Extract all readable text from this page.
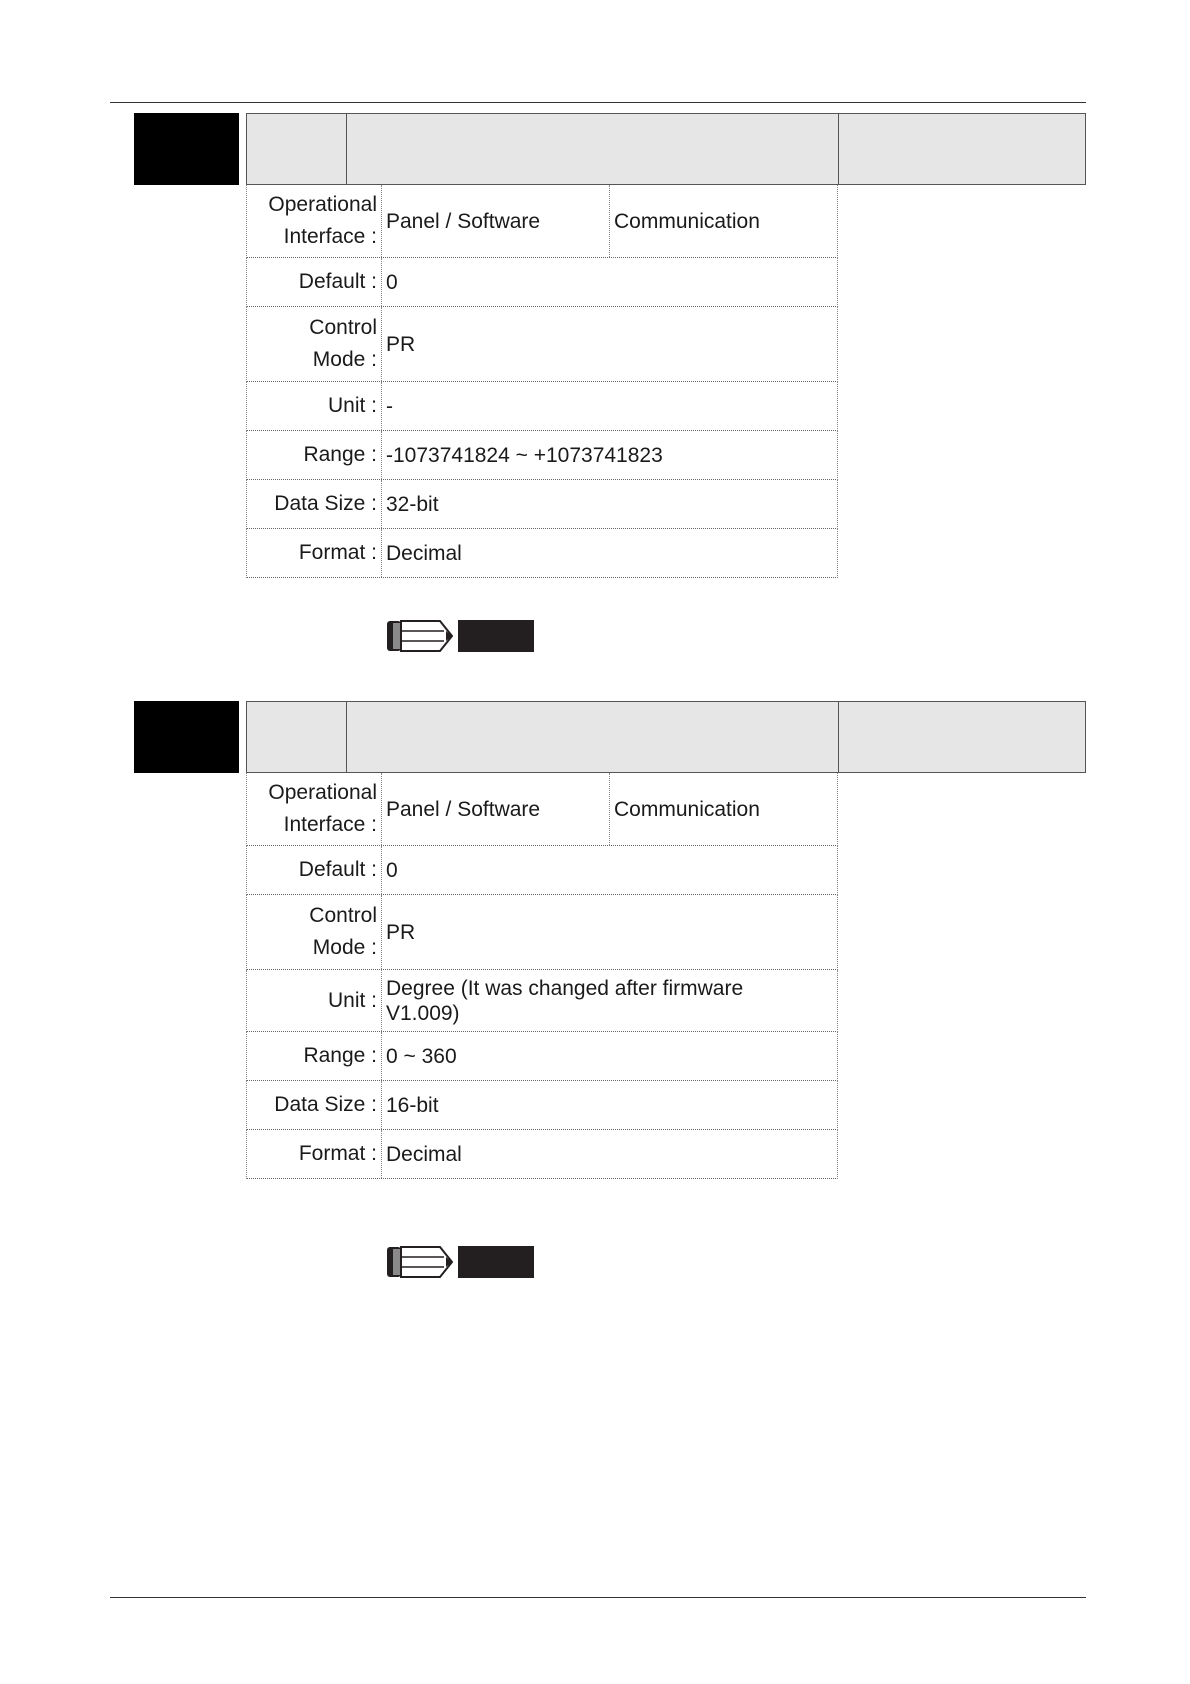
Operational
Interface :
Panel / Software	Communication
Default : 0
Control
Mode :
PR
Unit : -
Range : -1073741824 ~ +1073741823
Data Size : 32-bit
Format : Decimal
Operational
Interface :
Panel / Software	Communication
Default : 0
Control
Mode :
PR
Unit :
Degree (It was changed after firmware V1.009)
Range : 0 ~ 360
Data Size : 16-bit
Format : Decimal
